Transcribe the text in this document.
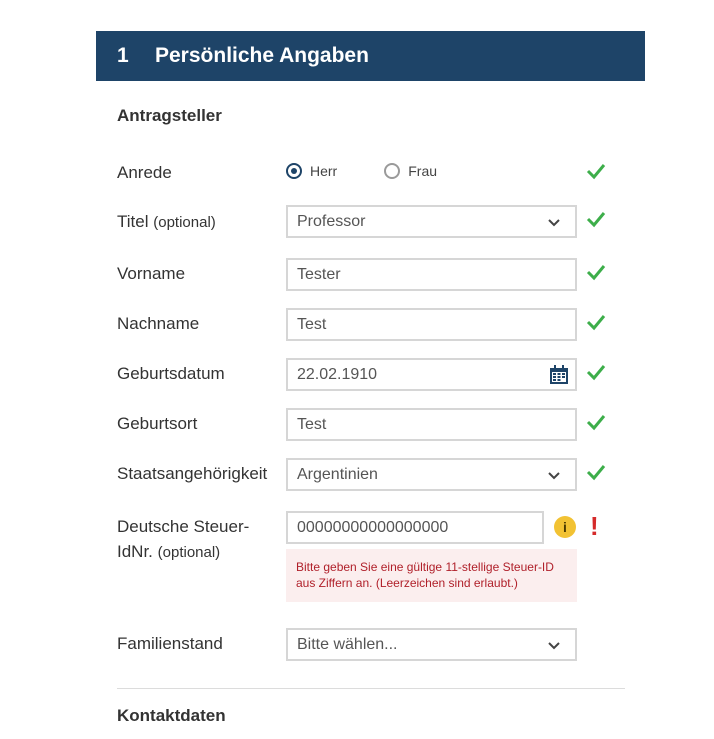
1	Persönliche Angaben
Antragsteller
Anrede	Herr	Frau
Titel (optional)	Professor
Vorname	Tester
Nachname	Test
Geburtsdatum	22.02.1910
Geburtsort	Test
Staatsangehörigkeit Argentinien
Deutsche Steuer-
IdNr. (optional)
00000000000000000	i !
Bitte geben Sie eine gültige 11-stellige Steuer-ID
aus Ziffern an. (Leerzeichen sind erlaubt.)
Familienstand	Bitte wählen...
Kontaktdaten
